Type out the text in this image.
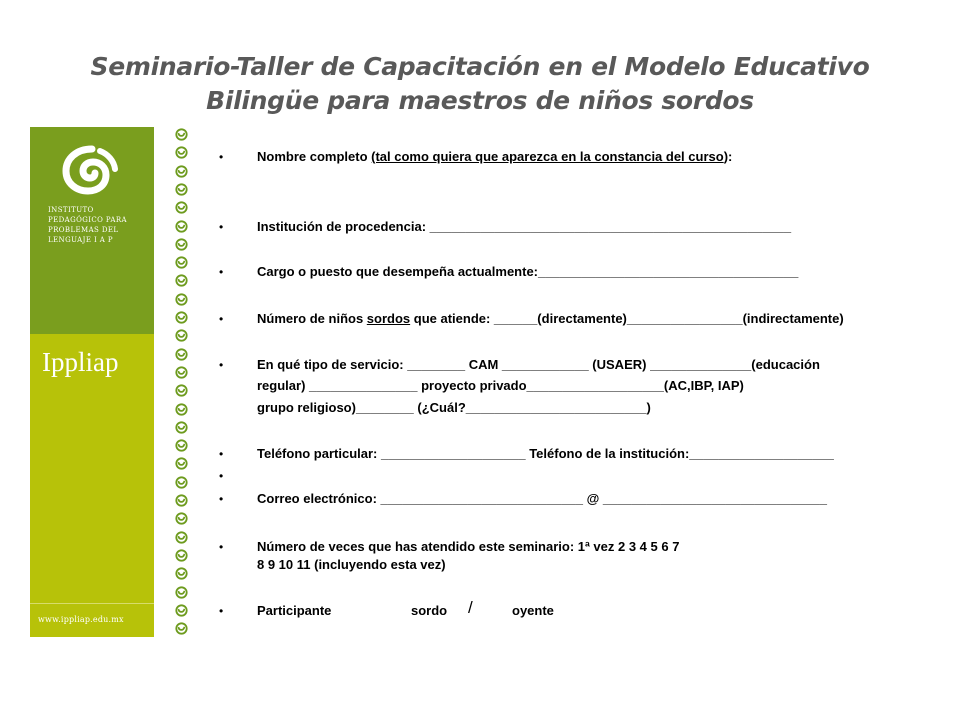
Seminario-Taller de Capacitación en el Modelo Educativo
Bilingüe para maestros de niños sordos
INSTITUTO
PEDAGÓGICO PARA
PROBLEMAS DEL
LENGUAJE I A P
Ippliap
www.ippliap.edu.mx
•	Nombre completo (tal como quiera que aparezca en la constancia del curso):
•	Institución de procedencia: __________________________________________________
•	Cargo o puesto que desempeña actualmente:____________________________________
•	Número de niños sordos que atiende: ______(directamente)________________(indirectamente)
•	En qué tipo de servicio: ________ CAM ____________ (USAER) ______________(educación
regular) _______________ proyecto privado___________________(AC,IBP, IAP)
grupo religioso)________ (¿Cuál?_________________________)
•	Teléfono particular: ____________________ Teléfono de la institución:____________________
•
•	Correo electrónico: ____________________________ @ _______________________________
•	Número de veces que has atendido este seminario: 1ª vez 2 3 4 5 6 7
8 9 10 11 (incluyendo esta vez)
•	Participante	sordo /	oyente
